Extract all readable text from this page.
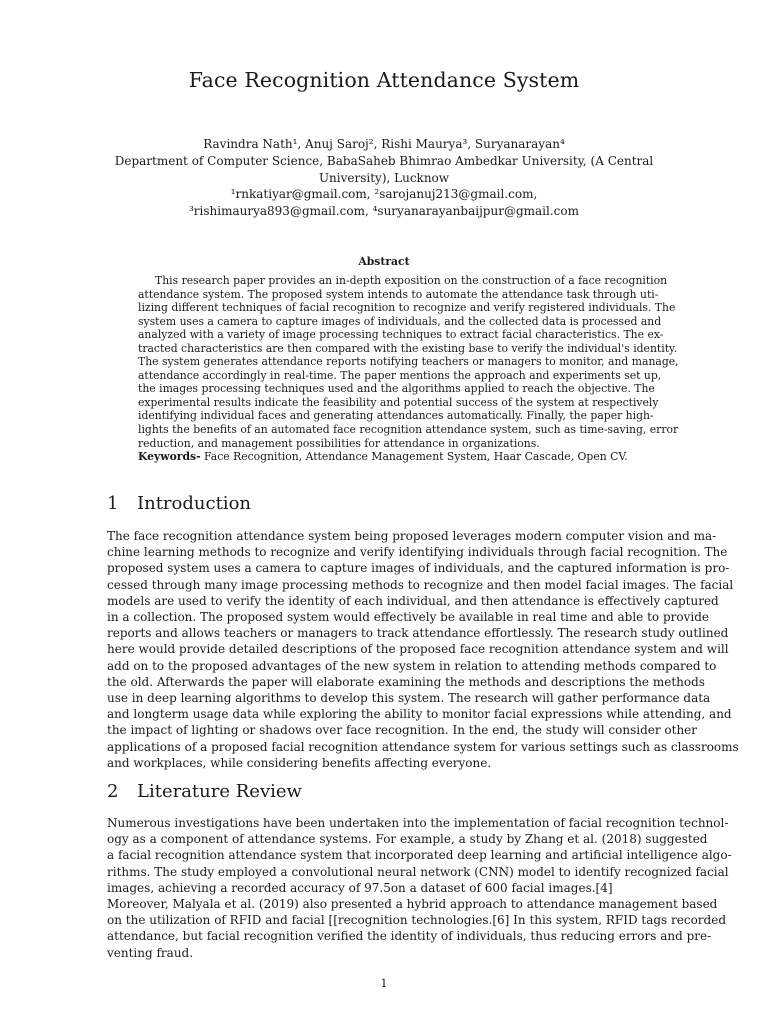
Face Recognition Attendance System
Ravindra Nath¹, Anuj Saroj², Rishi Maurya³, Suryanarayan⁴
Department of Computer Science, BabaSaheb Bhimrao Ambedkar University, (A Central
University), Lucknow
¹rnkatiyar@gmail.com, ²sarojanuj213@gmail.com,
³rishimaurya893@gmail.com, ⁴suryanarayanbaijpur@gmail.com
Abstract
This research paper provides an in-depth exposition on the construction of a face recognition
attendance system. The proposed system intends to automate the attendance task through uti-
lizing different techniques of facial recognition to recognize and verify registered individuals. The
system uses a camera to capture images of individuals, and the collected data is processed and
analyzed with a variety of image processing techniques to extract facial characteristics. The ex-
tracted characteristics are then compared with the existing base to verify the individual's identity.
The system generates attendance reports notifying teachers or managers to monitor, and manage,
attendance accordingly in real-time. The paper mentions the approach and experiments set up,
the images processing techniques used and the algorithms applied to reach the objective. The
experimental results indicate the feasibility and potential success of the system at respectively
identifying individual faces and generating attendances automatically. Finally, the paper high-
lights the benefits of an automated face recognition attendance system, such as time-saving, error
reduction, and management possibilities for attendance in organizations.
Keywords- Face Recognition, Attendance Management System, Haar Cascade, Open CV.
1 Introduction
The face recognition attendance system being proposed leverages modern computer vision and ma-
chine learning methods to recognize and verify identifying individuals through facial recognition. The
proposed system uses a camera to capture images of individuals, and the captured information is pro-
cessed through many image processing methods to recognize and then model facial images. The facial
models are used to verify the identity of each individual, and then attendance is effectively captured
in a collection. The proposed system would effectively be available in real time and able to provide
reports and allows teachers or managers to track attendance effortlessly. The research study outlined
here would provide detailed descriptions of the proposed face recognition attendance system and will
add on to the proposed advantages of the new system in relation to attending methods compared to
the old. Afterwards the paper will elaborate examining the methods and descriptions the methods
use in deep learning algorithms to develop this system. The research will gather performance data
and longterm usage data while exploring the ability to monitor facial expressions while attending, and
the impact of lighting or shadows over face recognition. In the end, the study will consider other
applications of a proposed facial recognition attendance system for various settings such as classrooms
and workplaces, while considering benefits affecting everyone.
2 Literature Review
Numerous investigations have been undertaken into the implementation of facial recognition technol-
ogy as a component of attendance systems. For example, a study by Zhang et al. (2018) suggested
a facial recognition attendance system that incorporated deep learning and artificial intelligence algo-
rithms. The study employed a convolutional neural network (CNN) model to identify recognized facial
images, achieving a recorded accuracy of 97.5on a dataset of 600 facial images.[4]
Moreover, Malyala et al. (2019) also presented a hybrid approach to attendance management based
on the utilization of RFID and facial [[recognition technologies.[6] In this system, RFID tags recorded
attendance, but facial recognition verified the identity of individuals, thus reducing errors and pre-
venting fraud.
1
